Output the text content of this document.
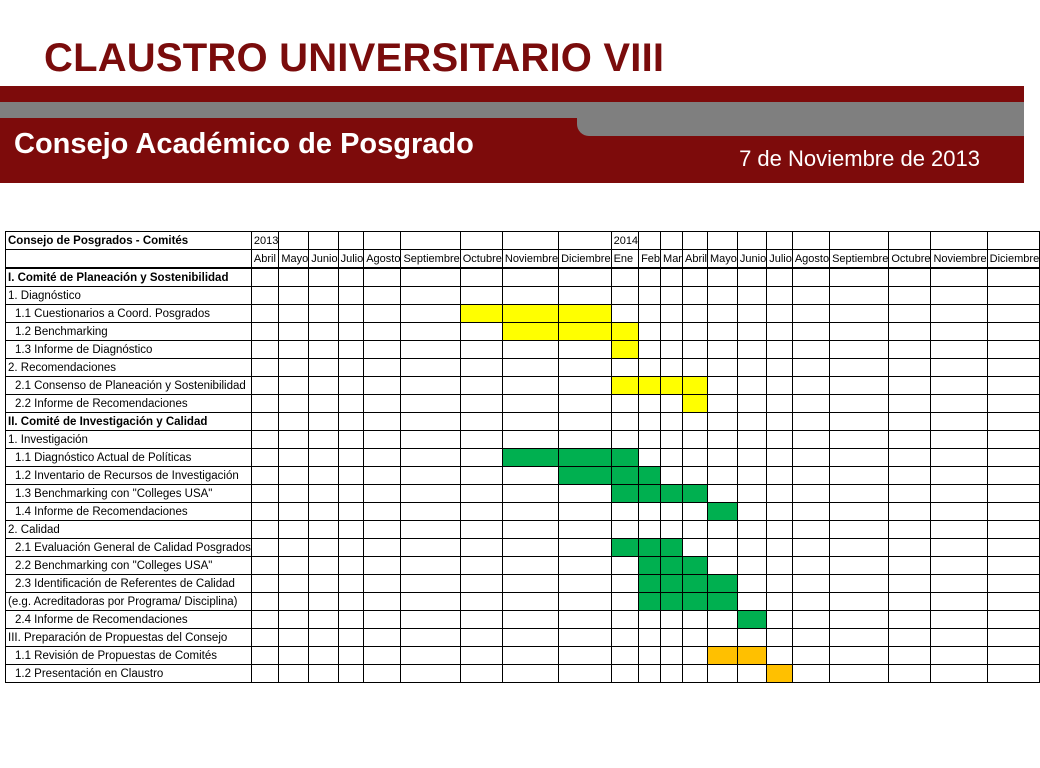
CLAUSTRO UNIVERSITARIO VIII
Consejo Académico de Posgrado	7 de Noviembre de 2013
Consejo de Posgrados - Comités	2013									2014											
	Abril	Mayo	Junio	Julio	Agosto	Septiembre	Octubre	Noviembre	Diciembre	Ene	Feb	Mar	Abril	Mayo	Junio	Julio	Agosto	Septiembre	Octubre	Noviembre	Diciembre
I. Comité de Planeación y Sostenibilidad																					
1. Diagnóstico																					
1.1 Cuestionarios a Coord. Posgrados																					
1.2 Benchmarking																					
1.3 Informe de Diagnóstico																					
2. Recomendaciones																					
2.1 Consenso de Planeación y Sostenibilidad																					
2.2 Informe de Recomendaciones																					
II. Comité de Investigación y Calidad																					
1. Investigación																					
1.1 Diagnóstico Actual de Políticas																					
1.2 Inventario de Recursos de Investigación																					
1.3 Benchmarking con "Colleges USA"																					
1.4 Informe de Recomendaciones																					
2. Calidad																					
2.1 Evaluación General de Calidad Posgrados																					
2.2 Benchmarking con "Colleges USA"																					
2.3 Identificación de Referentes de Calidad																					
(e.g. Acreditadoras por Programa/ Disciplina)																					
2.4 Informe de Recomendaciones																					
III. Preparación de Propuestas del Consejo																					
1.1 Revisión de Propuestas de Comités																					
1.2 Presentación en Claustro																					
